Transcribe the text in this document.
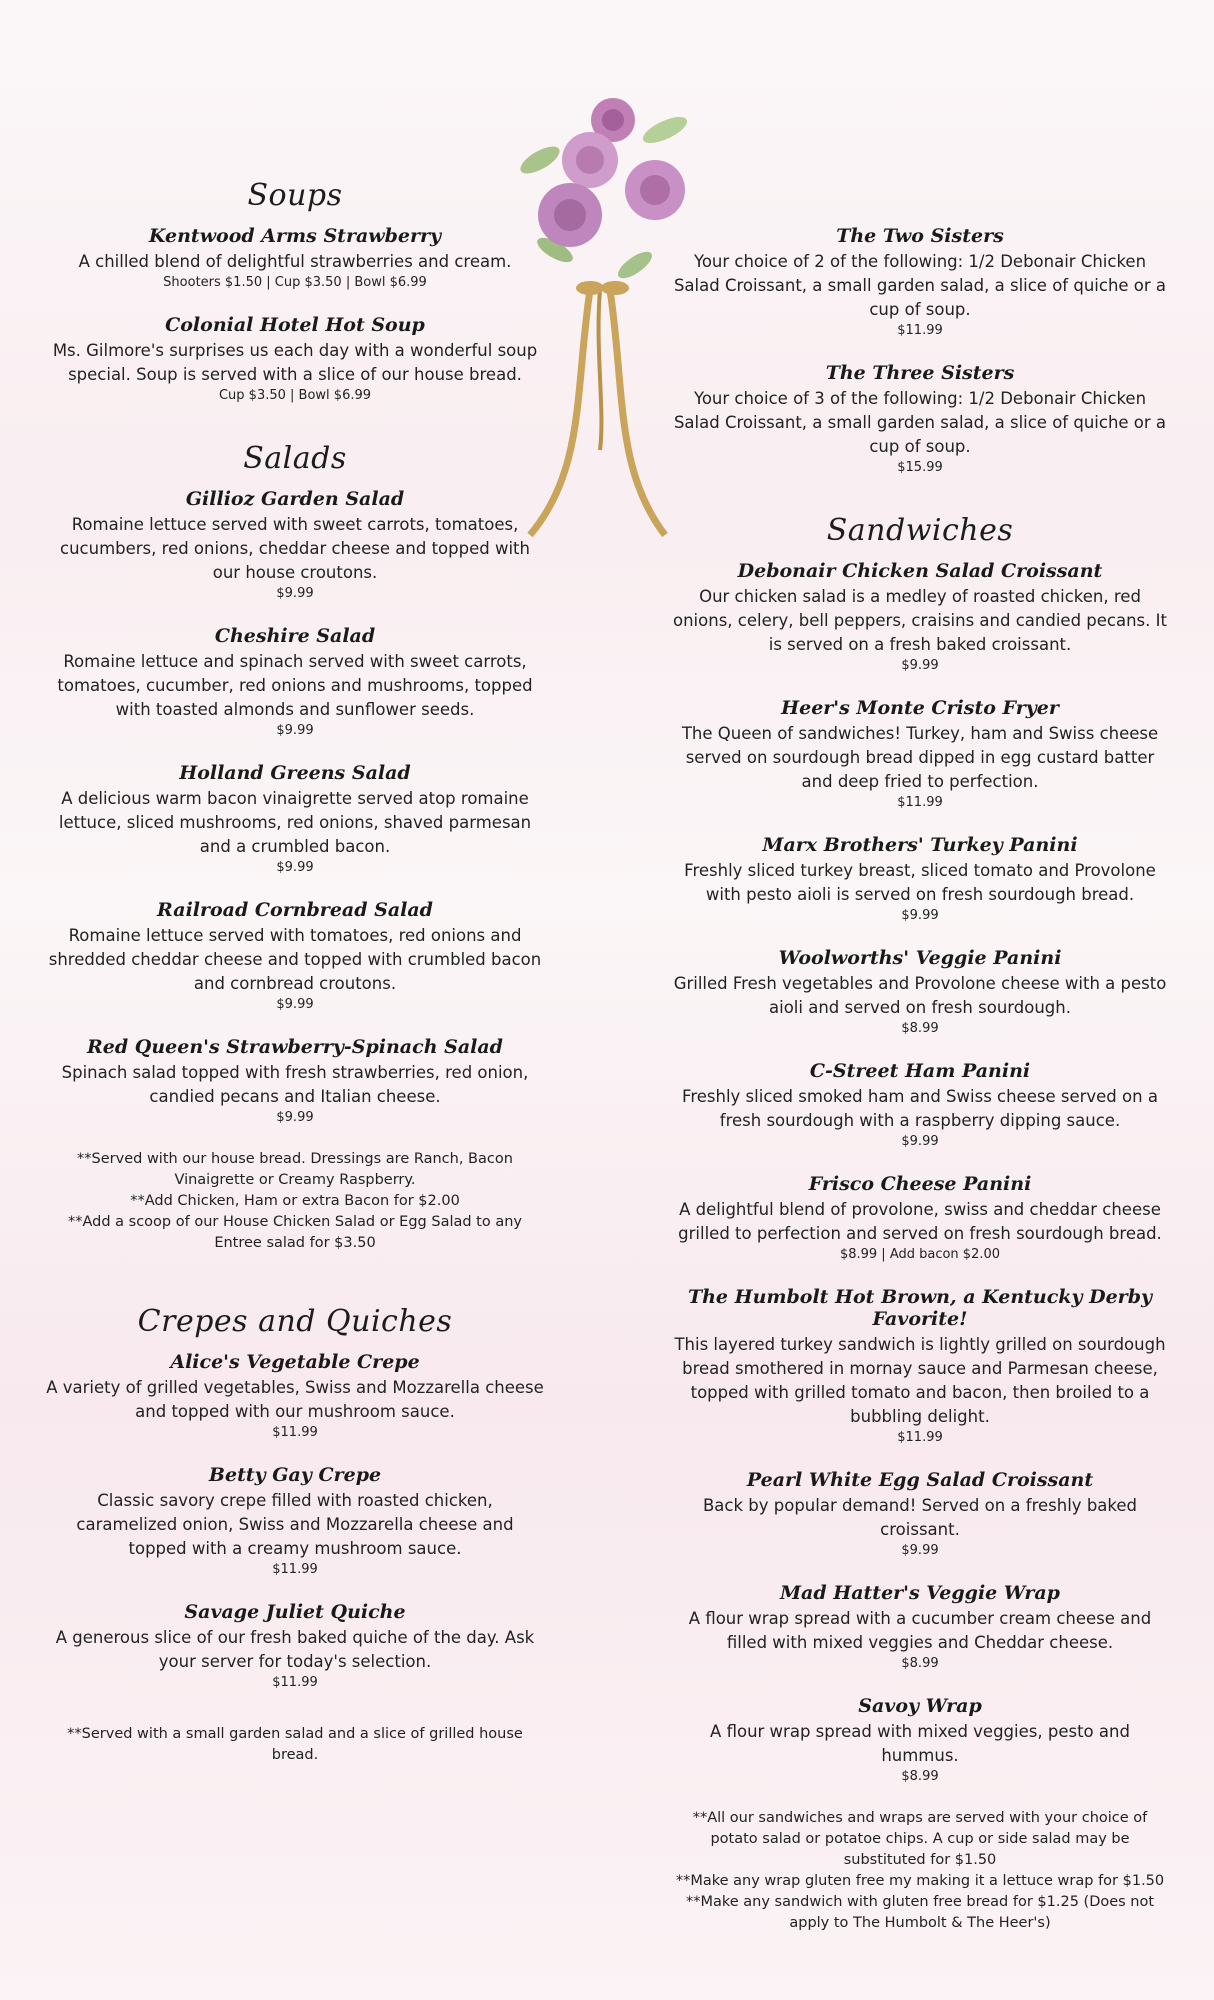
Soups
Kentwood Arms Strawberry

A chilled blend of delightful strawberries and cream.

Shooters $1.50 | Cup $3.50 | Bowl $6.99

Colonial Hotel Hot Soup

Ms. Gilmore's surprises us each day with a wonderful soup special. Soup is served with a slice of our house bread.

Cup $3.50 | Bowl $6.99

Salads
Gillioz Garden Salad

Romaine lettuce served with sweet carrots, tomatoes, cucumbers, red onions, cheddar cheese and topped with our house croutons.

$9.99

Cheshire Salad

Romaine lettuce and spinach served with sweet carrots, tomatoes, cucumber, red onions and mushrooms, topped with toasted almonds and sunflower seeds.

$9.99

Holland Greens Salad

A delicious warm bacon vinaigrette served atop romaine lettuce, sliced mushrooms, red onions, shaved parmesan and a crumbled bacon.

$9.99

Railroad Cornbread Salad

Romaine lettuce served with tomatoes, red onions and shredded cheddar cheese and topped with crumbled bacon and cornbread croutons.

$9.99

Red Queen's Strawberry-Spinach Salad

Spinach salad topped with fresh strawberries, red onion, candied pecans and Italian cheese.

$9.99

**Served with our house bread. Dressings are Ranch, Bacon Vinaigrette or Creamy Raspberry.

**Add Chicken, Ham or extra Bacon for $2.00

**Add a scoop of our House Chicken Salad or Egg Salad to any Entree salad for $3.50

Crepes and Quiches
Alice's Vegetable Crepe

A variety of grilled vegetables, Swiss and Mozzarella cheese and topped with our mushroom sauce.

$11.99

Betty Gay Crepe

Classic savory crepe filled with roasted chicken, caramelized onion, Swiss and Mozzarella cheese and topped with a creamy mushroom sauce.

$11.99

Savage Juliet Quiche

A generous slice of our fresh baked quiche of the day. Ask your server for today's selection.

$11.99

**Served with a small garden salad and a slice of grilled house bread.

The Two Sisters

Your choice of 2 of the following: 1/2 Debonair Chicken Salad Croissant, a small garden salad, a slice of quiche or a cup of soup.

$11.99

The Three Sisters

Your choice of 3 of the following: 1/2 Debonair Chicken Salad Croissant, a small garden salad, a slice of quiche or a cup of soup.

$15.99

Sandwiches
Debonair Chicken Salad Croissant

Our chicken salad is a medley of roasted chicken, red onions, celery, bell peppers, craisins and candied pecans. It is served on a fresh baked croissant.

$9.99

Heer's Monte Cristo Fryer

The Queen of sandwiches! Turkey, ham and Swiss cheese served on sourdough bread dipped in egg custard batter and deep fried to perfection.

$11.99

Marx Brothers' Turkey Panini

Freshly sliced turkey breast, sliced tomato and Provolone with pesto aioli is served on fresh sourdough bread.

$9.99

Woolworths' Veggie Panini

Grilled Fresh vegetables and Provolone cheese with a pesto aioli and served on fresh sourdough.

$8.99

C-Street Ham Panini

Freshly sliced smoked ham and Swiss cheese served on a fresh sourdough with a raspberry dipping sauce.

$9.99

Frisco Cheese Panini

A delightful blend of provolone, swiss and cheddar cheese grilled to perfection and served on fresh sourdough bread.

$8.99 | Add bacon $2.00

The Humbolt Hot Brown, a Kentucky Derby Favorite!

This layered turkey sandwich is lightly grilled on sourdough bread smothered in mornay sauce and Parmesan cheese, topped with grilled tomato and bacon, then broiled to a bubbling delight.

$11.99

Pearl White Egg Salad Croissant

Back by popular demand! Served on a freshly baked croissant.

$9.99

Mad Hatter's Veggie Wrap

A flour wrap spread with a cucumber cream cheese and filled with mixed veggies and Cheddar cheese.

$8.99

Savoy Wrap

A flour wrap spread with mixed veggies, pesto and hummus.

$8.99

**All our sandwiches and wraps are served with your choice of potato salad or potatoe chips. A cup or side salad may be substituted for $1.50

**Make any wrap gluten free my making it a lettuce wrap for $1.50

**Make any sandwich with gluten free bread for $1.25 (Does not apply to The Humbolt & The Heer's)
